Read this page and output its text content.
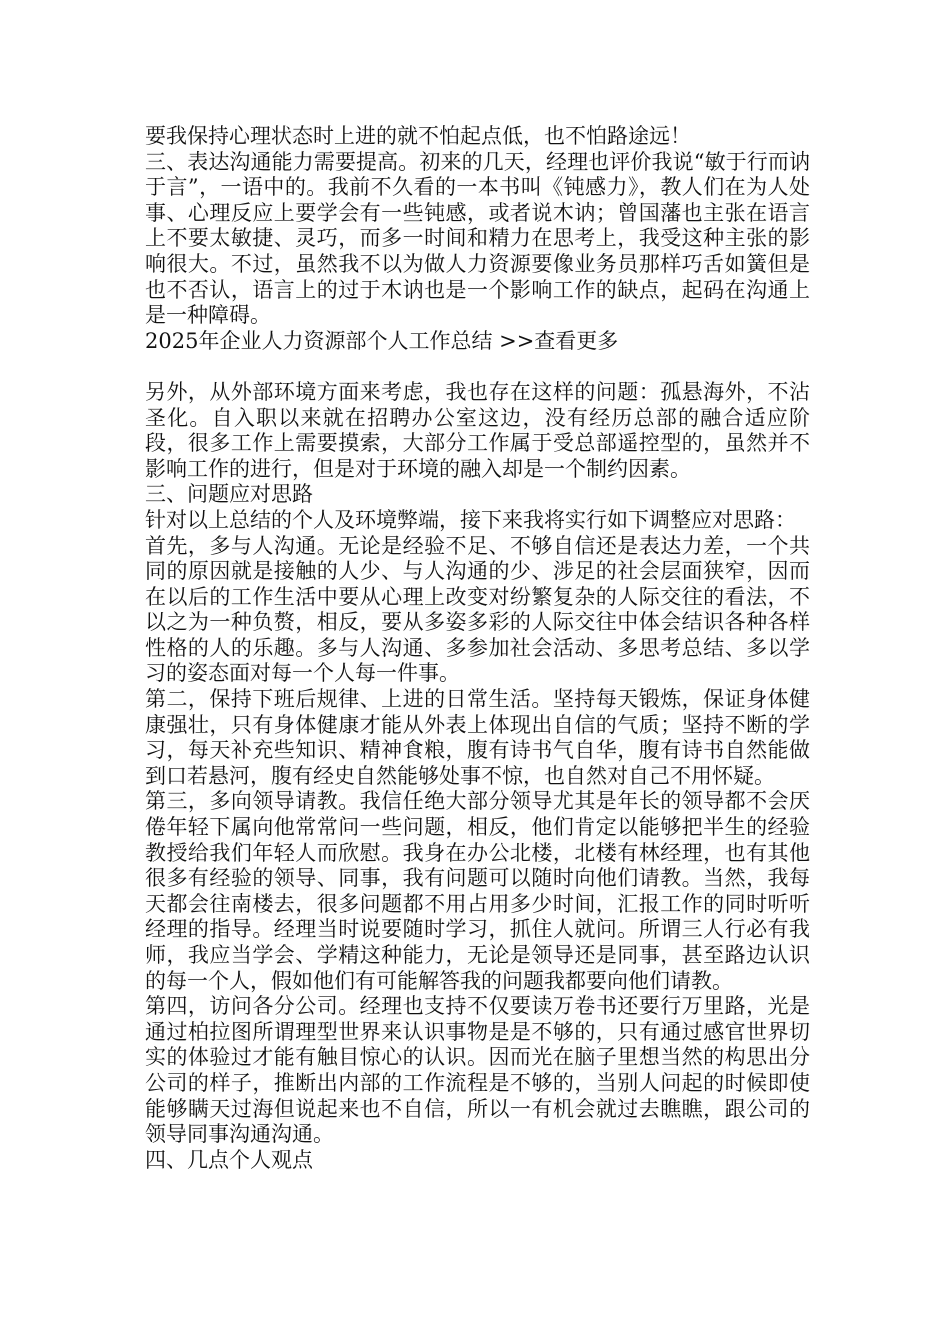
要我保持心理状态时上进的就不怕起点低，也不怕路途远！

三、表达沟通能力需要提高。初来的几天，经理也评价我说“敏于行而讷于言”，一语中的。我前不久看的一本书叫《钝感力》，教人们在为人处事、心理反应上要学会有一些钝感，或者说木讷；曾国藩也主张在语言上不要太敏捷、灵巧，而多一时间和精力在思考上，我受这种主张的影响很大。不过，虽然我不以为做人力资源要像业务员那样巧舌如簧但是也不否认，语言上的过于木讷也是一个影响工作的缺点，起码在沟通上是一种障碍。

2025年企业人力资源部个人工作总结 >>查看更多

另外，从外部环境方面来考虑，我也存在这样的问题：孤悬海外，不沾圣化。自入职以来就在招聘办公室这边，没有经历总部的融合适应阶段，很多工作上需要摸索，大部分工作属于受总部遥控型的，虽然并不影响工作的进行，但是对于环境的融入却是一个制约因素。

三、问题应对思路

针对以上总结的个人及环境弊端，接下来我将实行如下调整应对思路：

首先，多与人沟通。无论是经验不足、不够自信还是表达力差，一个共同的原因就是接触的人少、与人沟通的少、涉足的社会层面狭窄，因而在以后的工作生活中要从心理上改变对纷繁复杂的人际交往的看法，不以之为一种负赘，相反，要从多姿多彩的人际交往中体会结识各种各样性格的人的乐趣。多与人沟通、多参加社会活动、多思考总结、多以学习的姿态面对每一个人每一件事。

第二，保持下班后规律、上进的日常生活。坚持每天锻炼，保证身体健康强壮，只有身体健康才能从外表上体现出自信的气质；坚持不断的学习，每天补充些知识、精神食粮，腹有诗书气自华，腹有诗书自然能做到口若悬河，腹有经史自然能够处事不惊，也自然对自己不用怀疑。

第三，多向领导请教。我信任绝大部分领导尤其是年长的领导都不会厌倦年轻下属向他常常问一些问题，相反，他们肯定以能够把半生的经验教授给我们年轻人而欣慰。我身在办公北楼，北楼有林经理，也有其他很多有经验的领导、同事，我有问题可以随时向他们请教。当然，我每天都会往南楼去，很多问题都不用占用多少时间，汇报工作的同时听听经理的指导。经理当时说要随时学习，抓住人就问。所谓三人行必有我师，我应当学会、学精这种能力，无论是领导还是同事，甚至路边认识的每一个人，假如他们有可能解答我的问题我都要向他们请教。

第四，访问各分公司。经理也支持不仅要读万卷书还要行万里路，光是通过柏拉图所谓理型世界来认识事物是是不够的，只有通过感官世界切实的体验过才能有触目惊心的认识。因而光在脑子里想当然的构思出分公司的样子，推断出内部的工作流程是不够的，当别人问起的时候即使能够瞒天过海但说起来也不自信，所以一有机会就过去瞧瞧，跟公司的领导同事沟通沟通。

四、几点个人观点
